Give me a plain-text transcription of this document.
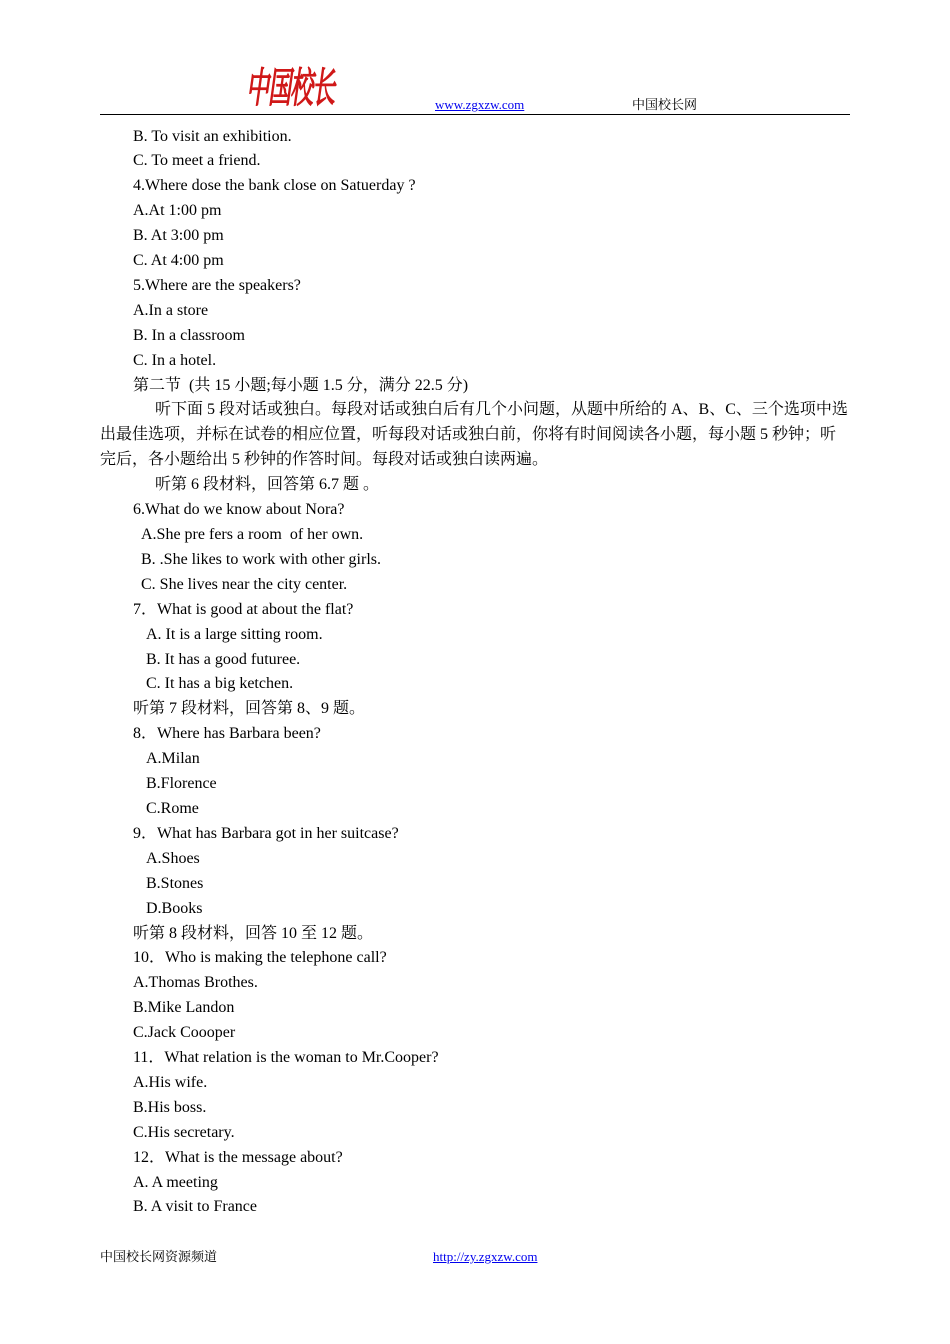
中国校长	www.zgxzw.com	中国校长网
B. To visit an exhibition.
C. To meet a friend.
4.Where dose the bank close on Satuerday ?
A.At 1:00 pm
B. At 3:00 pm
C. At 4:00 pm
5.Where are the speakers?
A.In a store
B. In a classroom
C. In a hotel.
第二节  (共 15 小题;每小题 1.5 分，满分 22.5 分)
听下面 5 段对话或独白。每段对话或独白后有几个小问题，从题中所给的 A、B、C、三个选项中选
出最佳选项，并标在试卷的相应位置，听每段对话或独白前，你将有时间阅读各小题，每小题 5 秒钟；听
完后，各小题给出 5 秒钟的作答时间。每段对话或独白读两遍。
听第 6 段材料，回答第 6.7 题 。
6.What do we know about Nora?
A.She pre fers a room  of her own.
B. .She likes to work with other girls.
C. She lives near the city center.
7．What is good at about the flat?
A. It is a large sitting room.
B. It has a good futuree.
C. It has a big ketchen.
听第 7 段材料，回答第 8、9 题。
8．Where has Barbara been?
A.Milan
B.Florence
C.Rome
9．What has Barbara got in her suitcase?
A.Shoes
B.Stones
D.Books
听第 8 段材料，回答 10 至 12 题。
10．Who is making the telephone call?
A.Thomas Brothes.
B.Mike Landon
C.Jack Coooper
11．What relation is the woman to Mr.Cooper?
A.His wife.
B.His boss.
C.His secretary.
12．What is the message about?
A. A meeting
B. A visit to France
中国校长网资源频道	http://zy.zgxzw.com
